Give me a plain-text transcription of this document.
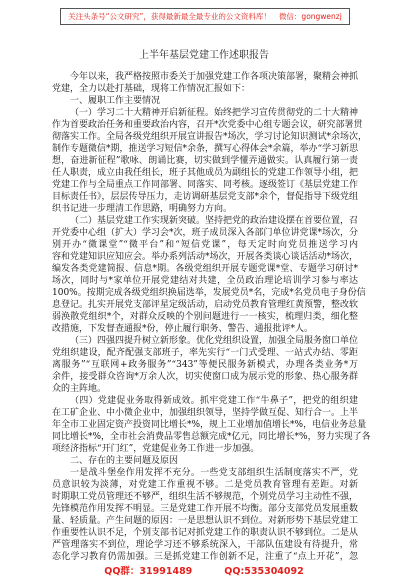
关注头条号“公文研究”，获得最新最全最专业的公文资料库！ 微信：gongwenzj
上半年基层党建工作述职报告
今年以来，我严格按照市委关于加强党建工作各项决策部署，聚精会神抓
党建，全力以赴打基础，现将工作情况汇报如下：
一、履职工作主要情况
（一）学习二十大精神开启新征程。始终把学习宣传贯彻党的二十大精神
作为首要政治任务和重要政治内容，召开*次党委中心组专题会议，研究部署贯
彻落实工作。全局各级党组织开展宣讲报告*场次，学习讨论知识测试*余场次，
制作专题微信*期，推送学习短信*余条，撰写心得体会*余篇，举办“学习新思
想，奋进新征程”歌咏、朗诵比赛，切实做到学懂弄通做实。认真履行第一责
任人职责，成立由我任组长，班子其他成员为副组长的党建工作领导小组，把
党建工作与全局重点工作同部署、同落实、同考核。逐级签订《基层党建工作
目标责任书》，层层传导压力，走访调研基层党支部*余个，督促指导下级党组
织书记进一步理清工作思路，明确努力方向。
（二）基层党建工作实现新突破。坚持把党的政治建设摆在首要位置，召
开党委中心组（扩大）学习会*次，班子成员深入各部门单位讲党课*场次，分
别开办“微课堂”“微平台”和“短信党课”，每天定时向党员推送学习内
容和党建知识应知应会。举办系列活动*场次，开展各类谈心谈话活动*场次，
编发各类党建简报、信息*期。各级党组织开展专题党课*堂、专题学习研讨*
场次，同时与*家单位开展党建结对共建，全员政治理论培训学习参与率达
100%。按期完成各级党组织换届选举，发展党员*名，完成*名党员电子身份信
息登记。扎实开展党支部评星定级活动，启动党员教育管理红黄预警，整改软
弱涣散党组织*个，对群众反映的个别问题进行一一核实，梳理归类，细化整
改措施，下发督查通报*份，停止履行职务、警告、通报批评*人。
（三）四强四提升树立新形象。优化党组织设置，加强全局服务窗口单位
党组织建设，配齐配强支部班子，率先实行“一门式受理、一站式办结、零距
离服务”“互联网+政务服务”“343”等便民服务新模式，办理各类业务*万
余件，接受群众咨询*万余人次，切实使窗口成为展示党的形象、热心服务群
众的主阵地。
（四）党建促业务取得新成效。抓牢党建工作“牛鼻子”，把党的组织建
在工矿企业、中小微企业中，加强组织领导，坚持学做互促、知行合一。上半
年全市工业固定资产投资同比增长*%，规上工业增加值增长*%，电信业务总量
同比增长*%，全市社会消费品零售总额完成*亿元，同比增长*%，努力实现了各
项经济指标“开门红”，党建促业务工作进一步加强。
二、存在的主要问题及原因
一是战斗堡垒作用发挥不充分。一些党支部组织生活制度落实不严，党
员意识较为淡薄，对党建工作重视不够。二是党员教育管理有差距。对新
时期职工党员管理还不够严，组织生活不够规范，个别党员学习主动性不强，
先锋模范作用发挥不明显。三是党建工作开展不均衡。部分支部党员发展重数
量、轻质量。产生问题的原因：一是思想认识不到位。对新形势下基层党建工
作重要性认识不足，个别支部书记对抓党建工作的职责认识不够到位。二是从
严管理落实不到位，理论学习还不够系统深入，干部队伍建设有待提升，常
态化学习教育仍需加强。三是抓党建工作创新不足，注重了“点上开花”，忽
QQ群：31991489	QQ:535304092
